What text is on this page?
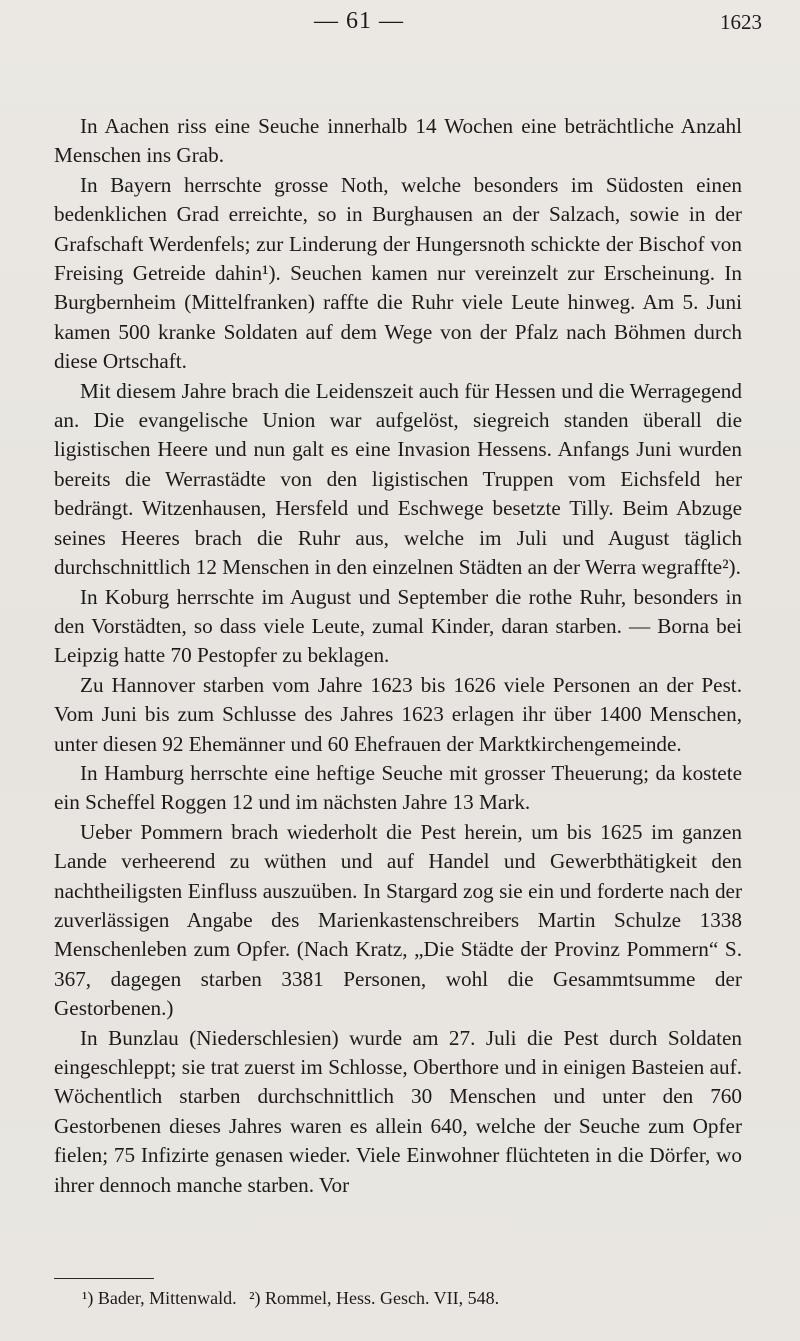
— 61 —	1623

In Aachen riss eine Seuche innerhalb 14 Wochen eine beträchtliche Anzahl Menschen ins Grab.

In Bayern herrschte grosse Noth, welche besonders im Südosten einen bedenklichen Grad erreichte, so in Burghausen an der Salzach, sowie in der Grafschaft Werdenfels; zur Linderung der Hungersnoth schickte der Bischof von Freising Getreide dahin¹). Seuchen kamen nur vereinzelt zur Erscheinung. In Burgbernheim (Mittelfranken) raffte die Ruhr viele Leute hinweg. Am 5. Juni kamen 500 kranke Soldaten auf dem Wege von der Pfalz nach Böhmen durch diese Ortschaft.

Mit diesem Jahre brach die Leidenszeit auch für Hessen und die Werragegend an. Die evangelische Union war aufgelöst, siegreich standen überall die ligistischen Heere und nun galt es eine Invasion Hessens. Anfangs Juni wurden bereits die Werrastädte von den ligistischen Truppen vom Eichsfeld her bedrängt. Witzenhausen, Hersfeld und Eschwege besetzte Tilly. Beim Abzuge seines Heeres brach die Ruhr aus, welche im Juli und August täglich durchschnittlich 12 Menschen in den einzelnen Städten an der Werra wegraffte²).

In Koburg herrschte im August und September die rothe Ruhr, besonders in den Vorstädten, so dass viele Leute, zumal Kinder, daran starben. — Borna bei Leipzig hatte 70 Pestopfer zu beklagen.

Zu Hannover starben vom Jahre 1623 bis 1626 viele Personen an der Pest. Vom Juni bis zum Schlusse des Jahres 1623 erlagen ihr über 1400 Menschen, unter diesen 92 Ehemänner und 60 Ehefrauen der Marktkirchengemeinde.

In Hamburg herrschte eine heftige Seuche mit grosser Theuerung; da kostete ein Scheffel Roggen 12 und im nächsten Jahre 13 Mark.

Ueber Pommern brach wiederholt die Pest herein, um bis 1625 im ganzen Lande verheerend zu wüthen und auf Handel und Gewerbthätigkeit den nachtheiligsten Einfluss auszuüben. In Stargard zog sie ein und forderte nach der zuverlässigen Angabe des Marienkastenschreibers Martin Schulze 1338 Menschenleben zum Opfer. (Nach Kratz, „Die Städte der Provinz Pommern“ S. 367, dagegen starben 3381 Personen, wohl die Gesammtsumme der Gestorbenen.)

In Bunzlau (Niederschlesien) wurde am 27. Juli die Pest durch Soldaten eingeschleppt; sie trat zuerst im Schlosse, Oberthore und in einigen Basteien auf. Wöchentlich starben durchschnittlich 30 Menschen und unter den 760 Gestorbenen dieses Jahres waren es allein 640, welche der Seuche zum Opfer fielen; 75 Infizirte genasen wieder. Viele Einwohner flüchteten in die Dörfer, wo ihrer dennoch manche starben. Vor

¹) Bader, Mittenwald. ²) Rommel, Hess. Gesch. VII, 548.
